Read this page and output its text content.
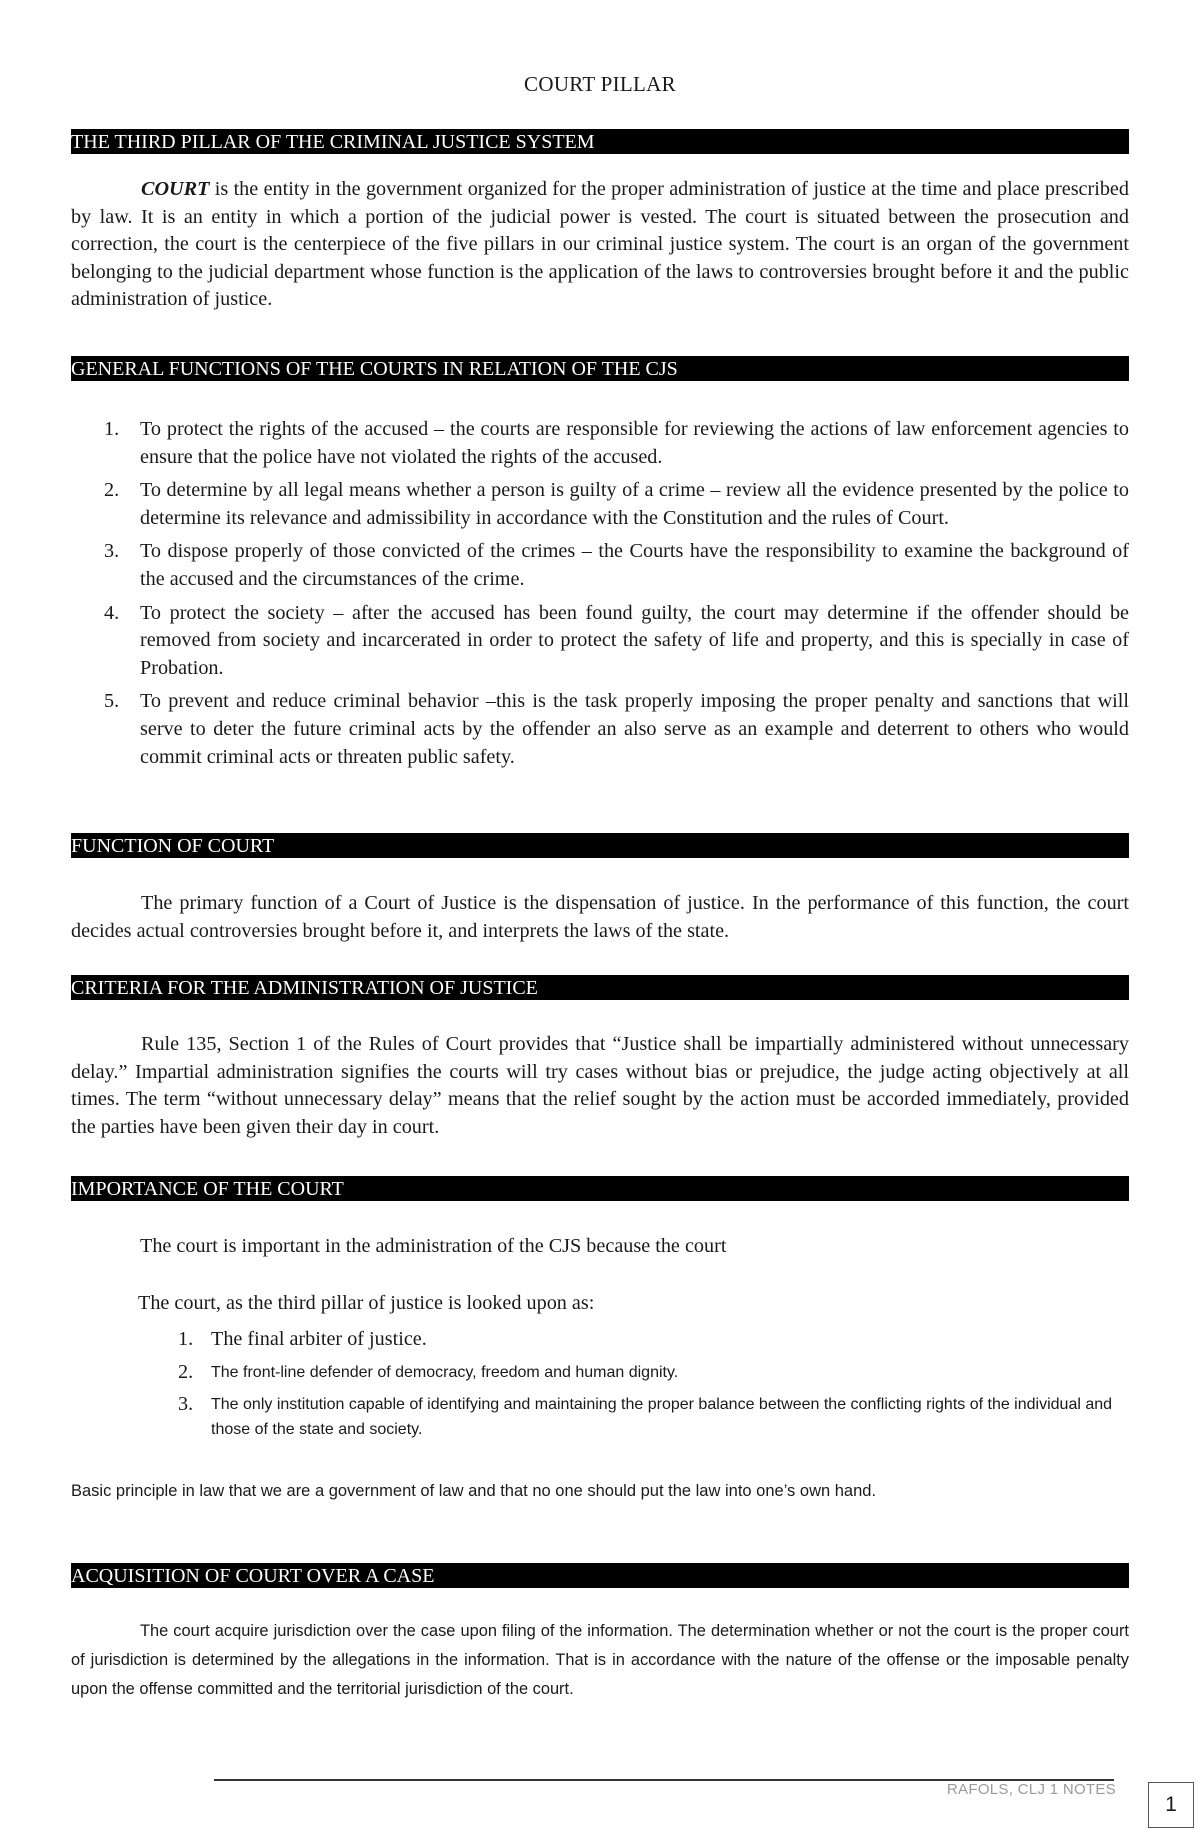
COURT PILLAR
THE THIRD PILLAR OF THE CRIMINAL JUSTICE SYSTEM

COURT is the entity in the government organized for the proper administration of justice at the time and place prescribed by law. It is an entity in which a portion of the judicial power is vested. The court is situated between the prosecution and correction, the court is the centerpiece of the five pillars in our criminal justice system. The court is an organ of the government belonging to the judicial department whose function is the application of the laws to controversies brought before it and the public administration of justice.

GENERAL FUNCTIONS OF THE COURTS IN RELATION OF THE CJS
1. To protect the rights of the accused – the courts are responsible for reviewing the actions of law enforcement agencies to ensure that the police have not violated the rights of the accused.
2. To determine by all legal means whether a person is guilty of a crime – review all the evidence presented by the police to determine its relevance and admissibility in accordance with the Constitution and the rules of Court.
3. To dispose properly of those convicted of the crimes – the Courts have the responsibility to examine the background of the accused and the circumstances of the crime.
4. To protect the society – after the accused has been found guilty, the court may determine if the offender should be removed from society and incarcerated in order to protect the safety of life and property, and this is specially in case of Probation.
5. To prevent and reduce criminal behavior –this is the task properly imposing the proper penalty and sanctions that will serve to deter the future criminal acts by the offender an also serve as an example and deterrent to others who would commit criminal acts or threaten public safety.
FUNCTION OF COURT

The primary function of a Court of Justice is the dispensation of justice. In the performance of this function, the court decides actual controversies brought before it, and interprets the laws of the state.

CRITERIA FOR THE ADMINISTRATION OF JUSTICE

Rule 135, Section 1 of the Rules of Court provides that “Justice shall be impartially administered without unnecessary delay.” Impartial administration signifies the courts will try cases without bias or prejudice, the judge acting objectively at all times. The term “without unnecessary delay” means that the relief sought by the action must be accorded immediately, provided the parties have been given their day in court.

IMPORTANCE OF THE COURT

The court is important in the administration of the CJS because the court

The court, as the third pillar of justice is looked upon as:

1. The final arbiter of justice.
2. The front-line defender of democracy, freedom and human dignity.
3. The only institution capable of identifying and maintaining the proper balance between the conflicting rights of the individual and those of the state and society.

Basic principle in law that we are a government of law and that no one should put the law into one’s own hand.

ACQUISITION OF COURT OVER A CASE

The court acquire jurisdiction over the case upon filing of the information. The determination whether or not the court is the proper court of jurisdiction is determined by the allegations in the information. That is in accordance with the nature of the offense or the imposable penalty upon the offense committed and the territorial jurisdiction of the court.

RAFOLS, CLJ 1 NOTES
1
